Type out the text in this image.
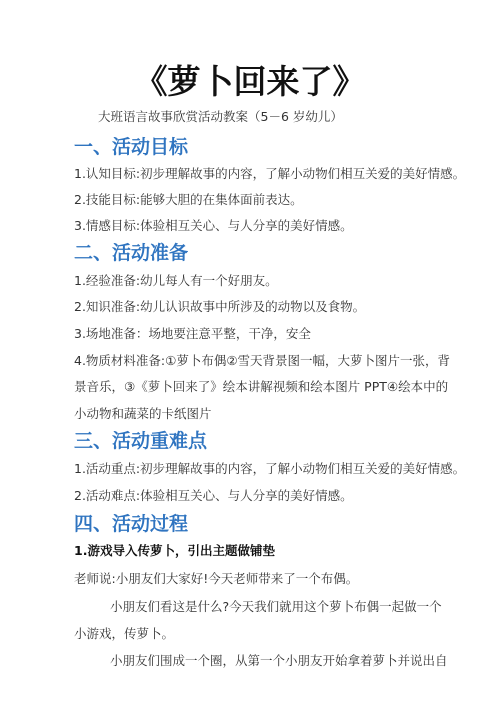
《萝卜回来了》
大班语言故事欣赏活动教案（5－6 岁幼儿）
一、活动目标
1.认知目标:初步理解故事的内容，了解小动物们相互关爱的美好情感。
2.技能目标:能够大胆的在集体面前表达。
3.情感目标:体验相互关心、与人分享的美好情感。
二、活动准备
1.经验准备:幼儿每人有一个好朋友。
2.知识准备:幼儿认识故事中所涉及的动物以及食物。
3.场地准备：场地要注意平整，干净，安全
4.物质材料准备:①萝卜布偶②雪天背景图一幅，大萝卜图片一张，背
景音乐，③《萝卜回来了》绘本讲解视频和绘本图片 PPT④绘本中的
小动物和蔬菜的卡纸图片
三、活动重难点
1.活动重点:初步理解故事的内容，了解小动物们相互关爱的美好情感。
2.活动难点:体验相互关心、与人分享的美好情感。
四、活动过程
1.游戏导入传萝卜，引出主题做铺垫
老师说:小朋友们大家好!今天老师带来了一个布偶。
小朋友们看这是什么?今天我们就用这个萝卜布偶一起做一个
小游戏，传萝卜。
小朋友们围成一个圈，从第一个小朋友开始拿着萝卜并说出自
